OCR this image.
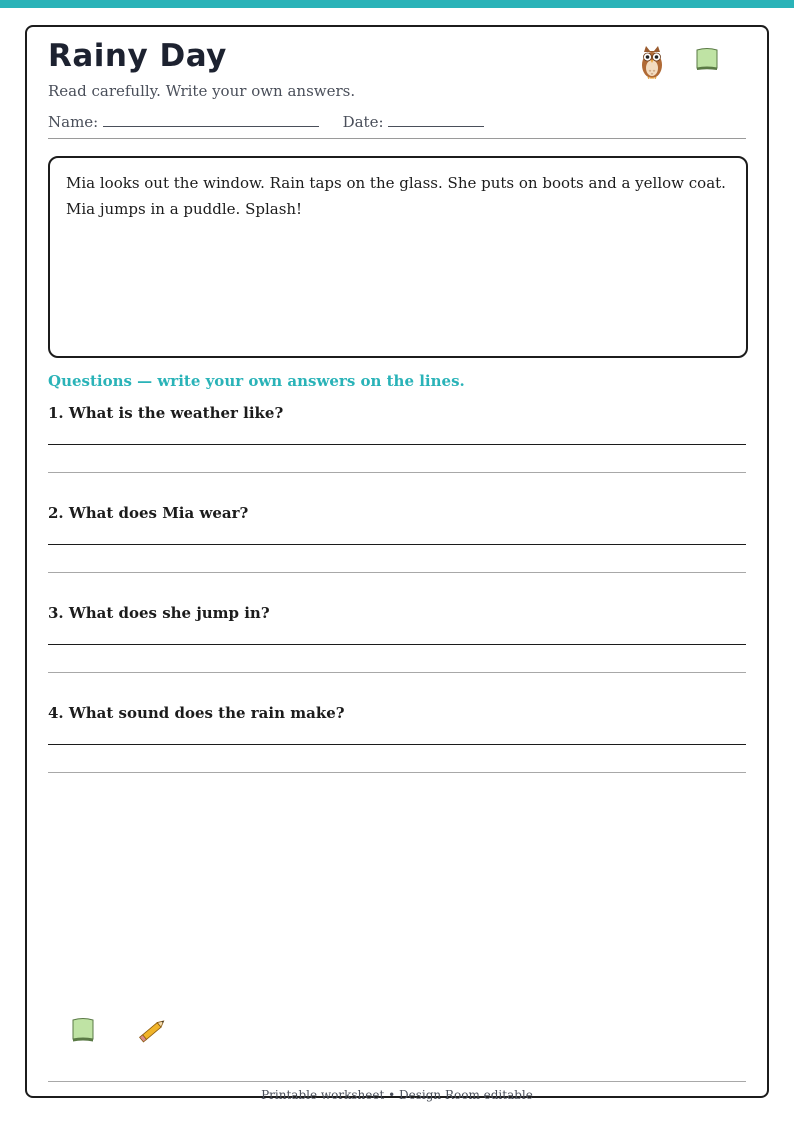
Rainy Day
Read carefully. Write your own answers.
Name:	Date:
Mia looks out the window. Rain taps on the glass. She puts on boots and a yellow coat. Mia jumps in a puddle. Splash!
Questions — write your own answers on the lines.
1. What is the weather like?
2. What does Mia wear?
3. What does she jump in?
4. What sound does the rain make?
Printable worksheet • Design Room editable
